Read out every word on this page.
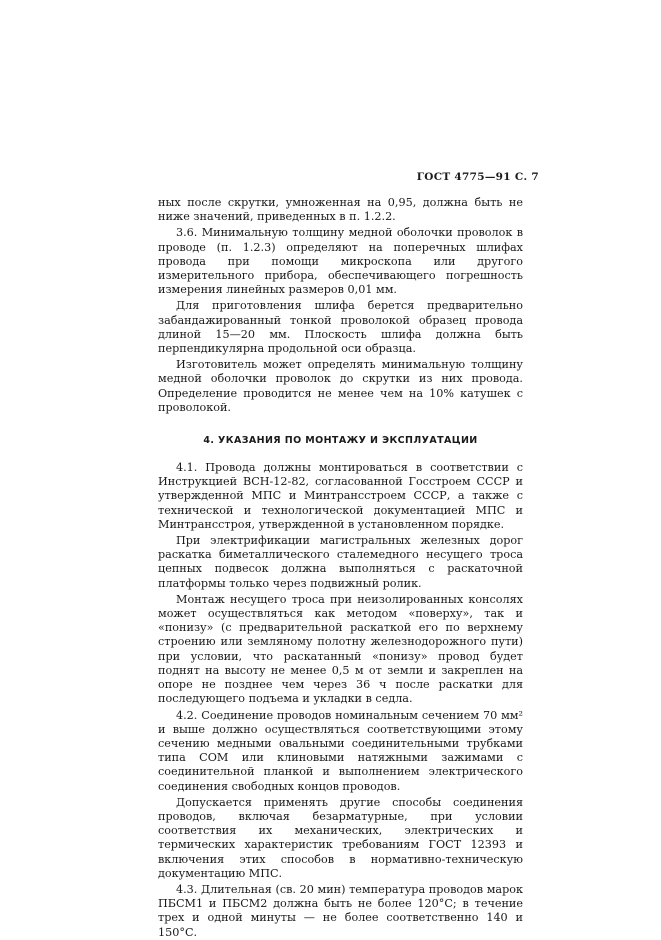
ГОСТ 4775—91 С. 7

ных после скрутки, умноженная на 0,95, должна быть не ниже значений, приведенных в п. 1.2.2.

3.6. Минимальную толщину медной оболочки проволок в проводе (п. 1.2.3) определяют на поперечных шлифах провода при помощи микроскопа или другого измерительного прибора, обеспечивающего погрешность измерения линейных размеров 0,01 мм.

Для приготовления шлифа берется предварительно забандажированный тонкой проволокой образец провода длиной 15—20 мм. Плоскость шлифа должна быть перпендикулярна продольной оси образца.

Изготовитель может определять минимальную толщину медной оболочки проволок до скрутки из них провода. Определение проводится не менее чем на 10% катушек с проволокой.

4. УКАЗАНИЯ ПО МОНТАЖУ И ЭКСПЛУАТАЦИИ

4.1. Провода должны монтироваться в соответствии с Инструкцией ВСН-12-82, согласованной Госстроем СССР и утвержденной МПС и Минтрансстроем СССР, а также с технической и технологической документацией МПС и Минтрансстроя, утвержденной в установленном порядке.

При электрификации магистральных железных дорог раскатка биметаллического сталемедного несущего троса цепных подвесок должна выполняться с раскаточной платформы только через подвижный ролик.

Монтаж несущего троса при неизолированных консолях может осуществляться как методом «поверху», так и «понизу» (с предварительной раскаткой его по верхнему строению или земляному полотну железнодорожного пути) при условии, что раскатанный «понизу» провод будет поднят на высоту не менее 0,5 м от земли и закреплен на опоре не позднее чем через 36 ч после раскатки для последующего подъема и укладки в седла.

4.2. Соединение проводов номинальным сечением 70 мм² и выше должно осуществляться соответствующими этому сечению медными овальными соединительными трубками типа СОМ или клиновыми натяжными зажимами с соединительной планкой и выполнением электрического соединения свободных концов проводов.

Допускается применять другие способы соединения проводов, включая безарматурные, при условии соответствия их механических, электрических и термических характеристик требованиям ГОСТ 12393 и включения этих способов в нормативно-техническую документацию МПС.

4.3. Длительная (св. 20 мин) температура проводов марок ПБСМ1 и ПБСМ2 должна быть не более 120°С; в течение трех и одной минуты — не более соответственно 140 и 150°С.
